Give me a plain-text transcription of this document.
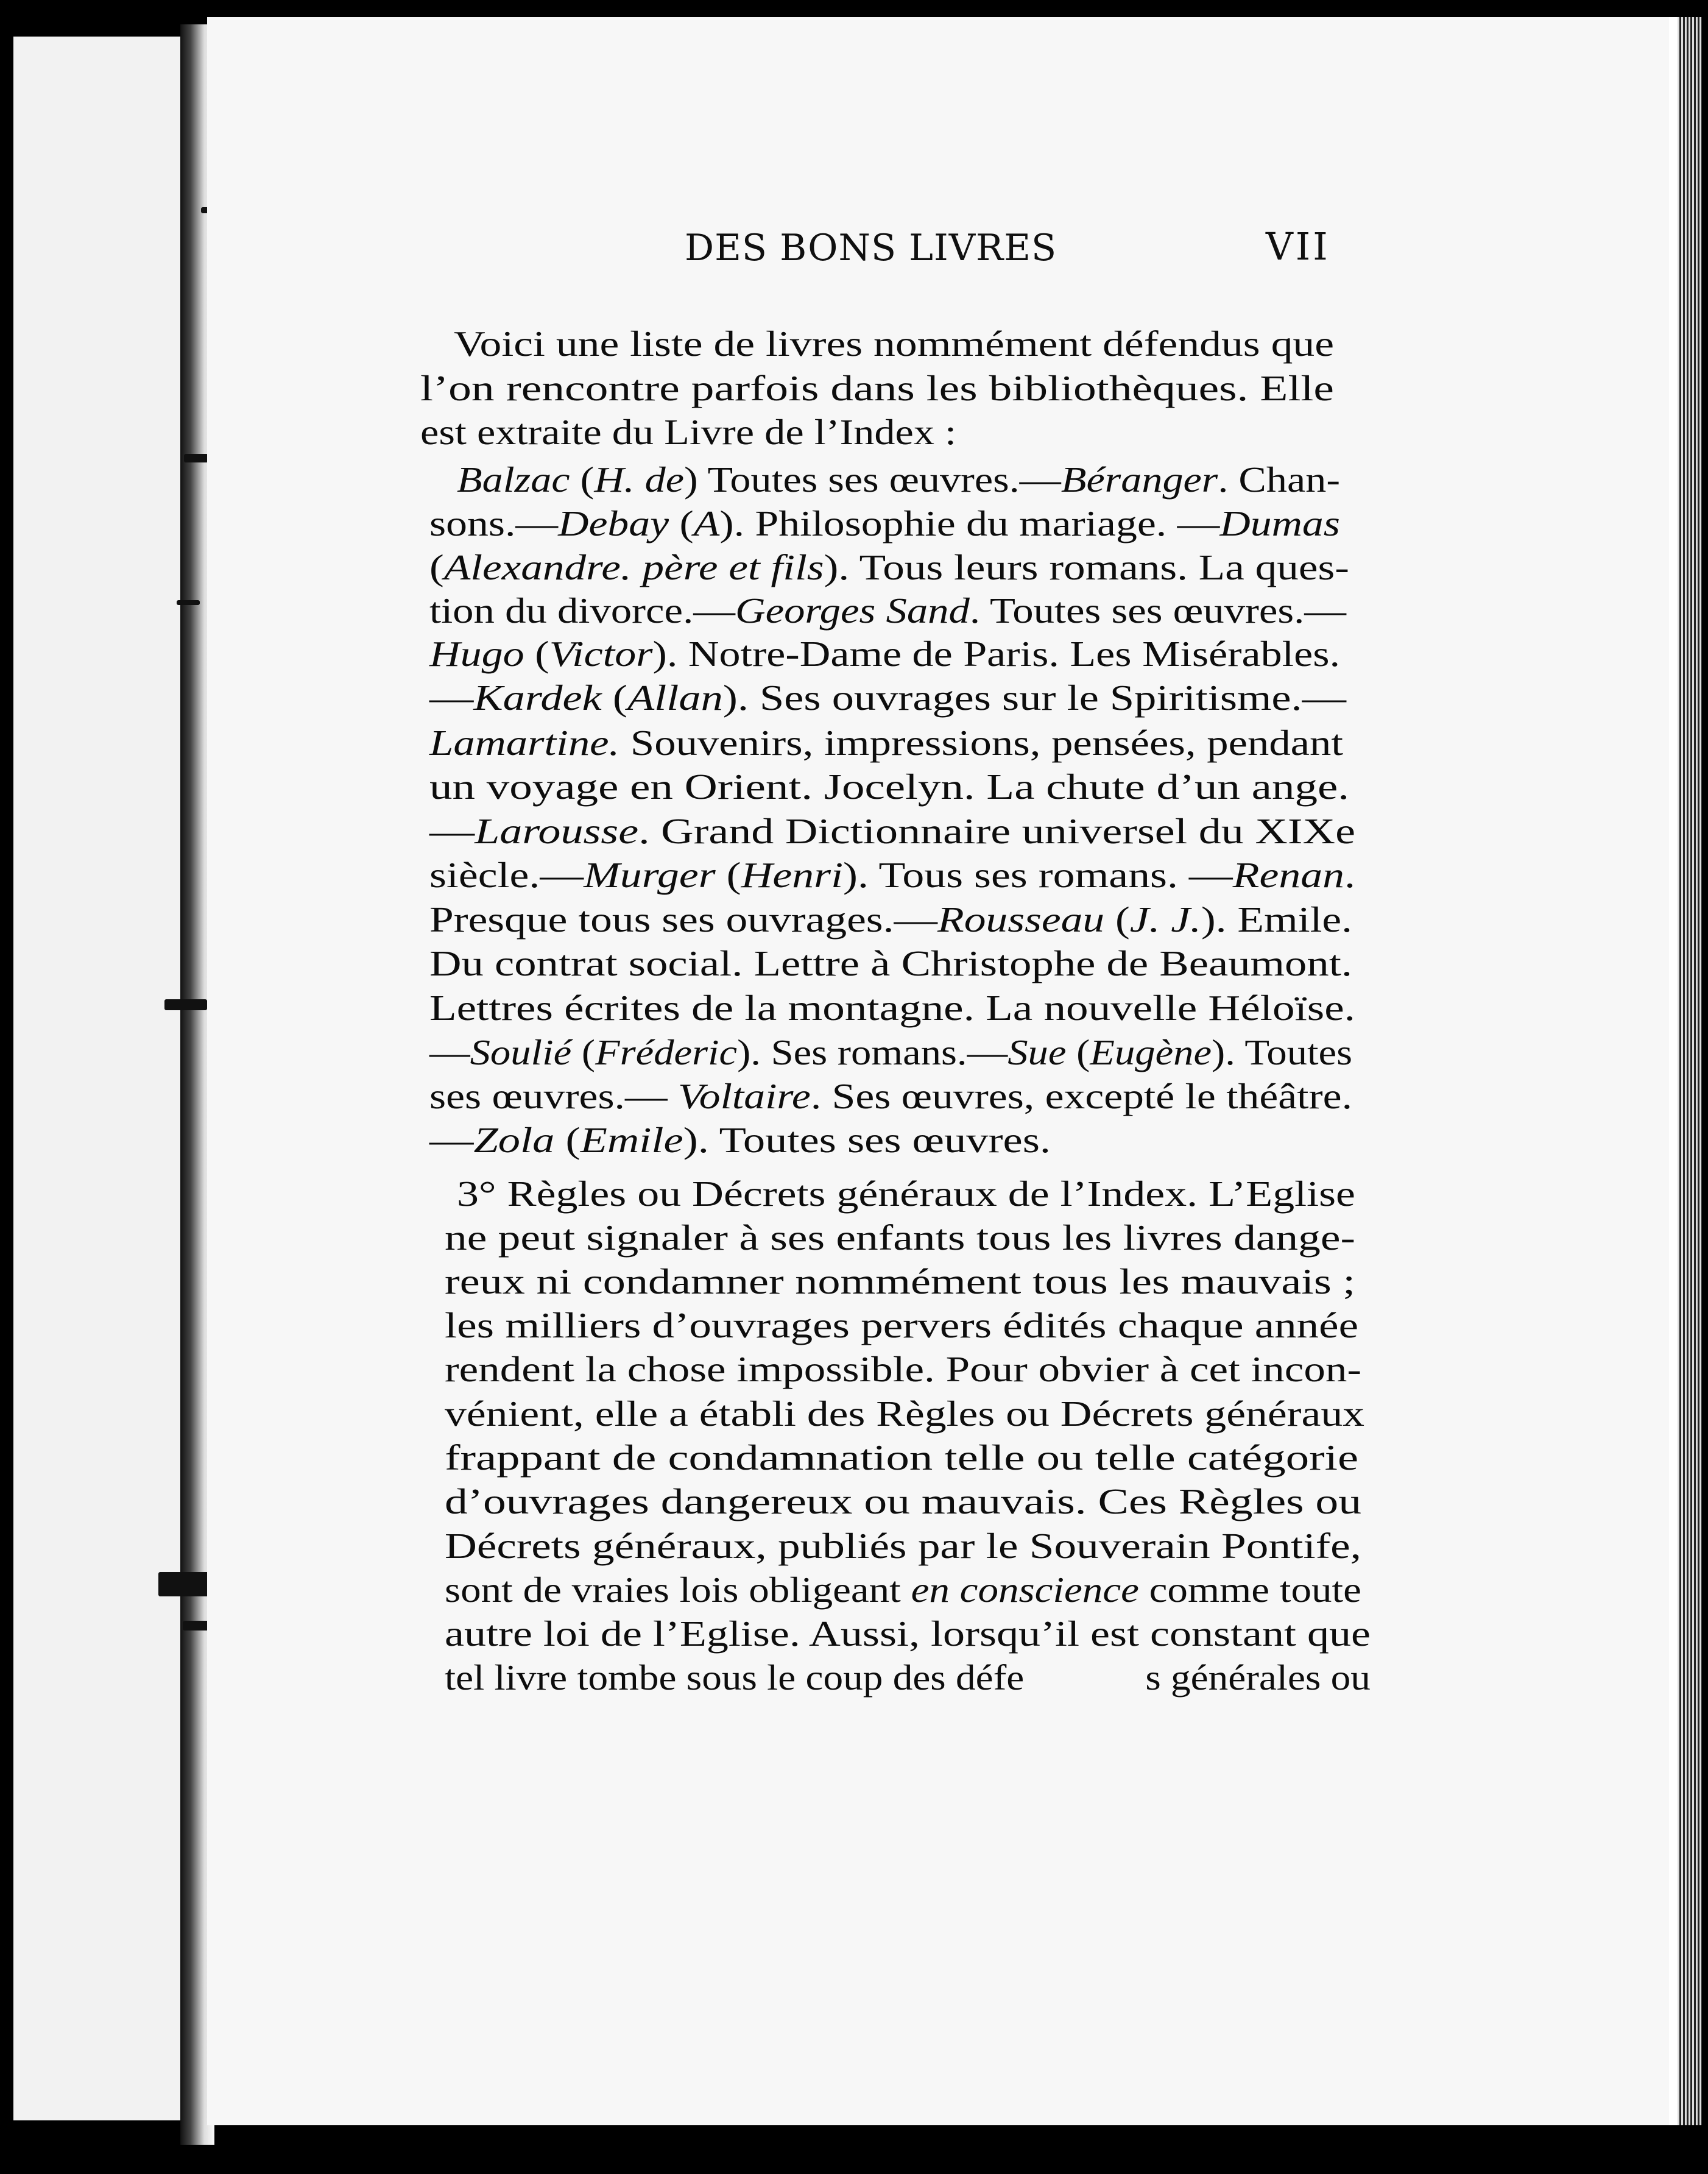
DES BONS LIVRES	VII
Voici une liste de livres nommément défendus que
l’on rencontre parfois dans les bibliothèques. Elle
est extraite du Livre de l’Index :
Balzac (H. de) Toutes ses œuvres.—Béranger. Chan-
sons.—Debay (A). Philosophie du mariage. —Dumas
(Alexandre. père et fils). Tous leurs romans. La ques-
tion du divorce.—Georges Sand. Toutes ses œuvres.—
Hugo (Victor). Notre-Dame de Paris. Les Misérables.
—Kardek (Allan). Ses ouvrages sur le Spiritisme.—
Lamartine. Souvenirs, impressions, pensées, pendant
un voyage en Orient. Jocelyn. La chute d’un ange.
—Larousse. Grand Dictionnaire universel du XIXe
siècle.—Murger (Henri). Tous ses romans. —Renan.
Presque tous ses ouvrages.—Rousseau (J. J.). Emile.
Du contrat social. Lettre à Christophe de Beaumont.
Lettres écrites de la montagne. La nouvelle Héloïse.
—Soulié (Fréderic). Ses romans.—Sue (Eugène). Toutes
ses œuvres.— Voltaire. Ses œuvres, excepté le théâtre.
—Zola (Emile). Toutes ses œuvres.
3° Règles ou Décrets généraux de l’Index. L’Eglise
ne peut signaler à ses enfants tous les livres dange-
reux ni condamner nommément tous les mauvais ;
les milliers d’ouvrages pervers édités chaque année
rendent la chose impossible. Pour obvier à cet incon-
vénient, elle a établi des Règles ou Décrets généraux
frappant de condamnation telle ou telle catégorie
d’ouvrages dangereux ou mauvais. Ces Règles ou
Décrets généraux, publiés par le Souverain Pontife,
sont de vraies lois obligeant en conscience comme toute
autre loi de l’Eglise. Aussi, lorsqu’il est constant que
tel livre tombe sous le coup des défe	s générales ou
